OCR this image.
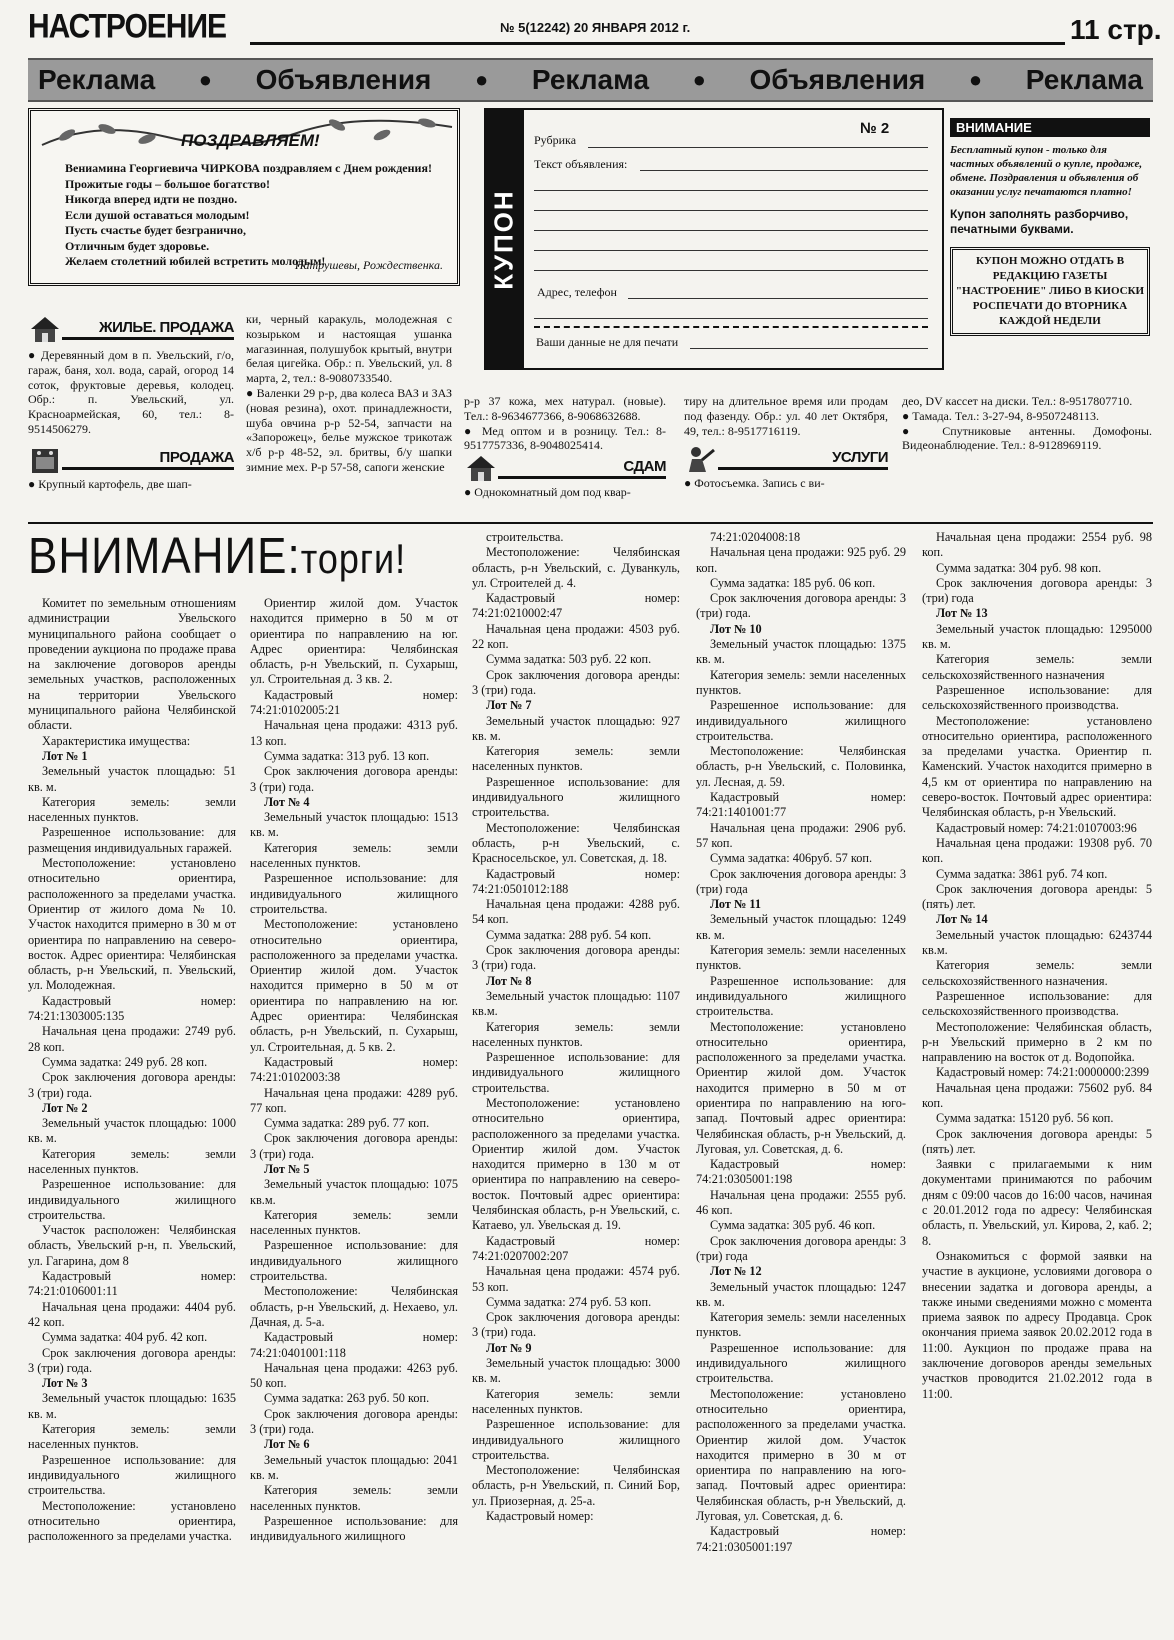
НАСТРОЕНИЕ	№ 5(12242) 20 ЯНВАРЯ 2012 г.	11 стр.
Реклама ● Объявления ● Реклама ● Объявления ● Реклама
ПОЗДРАВЛЯЕМ!
Вениамина Георгиевича ЧИРКОВА поздравляем с Днем рождения!
Прожитые годы – большое богатство!
Никогда вперед идти не поздно.
Если душой оставаться молодым!
Пусть счастье будет безгранично,
Отличным будет здоровье.
Желаем столетний юбилей встретить молодым!
Патрушевы, Рождественка. КУПОН
№ 2
Рубрика
Текст объявления:
Адрес, телефон
Ваши данные не для печати
ВНИМАНИЕ
Бесплатный купон - только для частных объявлений о купле, продаже, обмене. Поздравления и объявления об оказании услуг печатаются платно!
Купон заполнять разборчиво, печатными буквами.
КУПОН МОЖНО ОТДАТЬ В РЕДАКЦИЮ ГАЗЕТЫ "НАСТРОЕНИЕ" ЛИБО В КИОСКИ РОСПЕЧАТИ ДО ВТОРНИКА КАЖДОЙ НЕДЕЛИ
ЖИЛЬЕ. ПРОДАЖА
● Деревянный дом в п. Увельский, г/о, гараж, баня, хол. вода, сарай, огород 14 соток, фруктовые деревья, колодец. Обр.: п. Увельский, ул. Красноармейская, 60, тел.: 8-9514506279.
ПРОДАЖА
● Крупный картофель, две шап-
ки, черный каракуль, молодежная с козырьком и настоящая ушанка магазинная, полушубок крытый, внутри белая цигейка. Обр.: п. Увельский, ул. 8 марта, 2, тел.: 8-9080733540.
● Валенки 29 р-р, два колеса ВАЗ и ЗАЗ (новая резина), охот. принадлежности, шуба овчина р-р 52-54, запчасти на «Запорожец», белье мужское трикотаж х/б р-р 48-52, эл. бритвы, б/у шапки зимние мех. Р-р 57-58, сапоги женские
р-р 37 кожа, мех натурал. (новые). Тел.: 8-9634677366, 8-9068632688.
● Мед оптом и в розницу. Тел.: 8-9517757336, 8-9048025414.
СДАМ
● Однокомнатный дом под квар-
тиру на длительное время или продам под фазенду. Обр.: ул. 40 лет Октября, 49, тел.: 8-9517716119.
УСЛУГИ
● Фотосъемка. Запись с ви-
део, DV кассет на диски. Тел.: 8-9517807710.
● Тамада. Тел.: 3-27-94, 8-9507248113.
● Спутниковые антенны. Домофоны. Видеонаблюдение. Тел.: 8-9128969119.
ВНИМАНИЕ:торги!

Комитет по земельным отношениям администрации Увельского муниципального района сообщает о проведении аукциона по продаже права на заключение договоров аренды земельных участков, расположенных на территории Увельского муниципального района Челябинской области.

Характеристика имущества:

Лот № 1

Земельный участок площадью: 51 кв. м.

Категория земель: земли населенных пунктов.

Разрешенное использование: для размещения индивидуальных гаражей.

Местоположение: установлено относительно ориентира, расположенного за пределами участка. Ориентир от жилого дома № 10. Участок находится примерно в 30 м от ориентира по направлению на северо-восток. Адрес ориентира: Челябинская область, р-н Увельский, п. Увельский, ул. Молодежная.

Кадастровый номер: 74:21:1303005:135

Начальная цена продажи: 2749 руб. 28 коп.

Сумма задатка: 249 руб. 28 коп.

Срок заключения договора аренды: 3 (три) года.

Лот № 2

Земельный участок площадью: 1000 кв. м.

Категория земель: земли населенных пунктов.

Разрешенное использование: для индивидуального жилищного строительства.

Участок расположен: Челябинская область, Увельский р-н, п. Увельский, ул. Гагарина, дом 8

Кадастровый номер: 74:21:0106001:11

Начальная цена продажи: 4404 руб. 42 коп.

Сумма задатка: 404 руб. 42 коп.

Срок заключения договора аренды: 3 (три) года.

Лот № 3

Земельный участок площадью: 1635 кв. м.

Категория земель: земли населенных пунктов.

Разрешенное использование: для индивидуального жилищного строительства.

Местоположение: установлено относительно ориентира, расположенного за пределами участка.

Ориентир жилой дом. Участок находится примерно в 50 м от ориентира по направлению на юг. Адрес ориентира: Челябинская область, р-н Увельский, п. Сухарыш, ул. Строительная д. 3 кв. 2.

Кадастровый номер: 74:21:0102005:21

Начальная цена продажи: 4313 руб. 13 коп.

Сумма задатка: 313 руб. 13 коп.

Срок заключения договора аренды: 3 (три) года.

Лот № 4

Земельный участок площадью: 1513 кв. м.

Категория земель: земли населенных пунктов.

Разрешенное использование: для индивидуального жилищного строительства.

Местоположение: установлено относительно ориентира, расположенного за пределами участка. Ориентир жилой дом. Участок находится примерно в 50 м от ориентира по направлению на юг. Адрес ориентира: Челябинская область, р-н Увельский, п. Сухарыш, ул. Строительная, д. 5 кв. 2.

Кадастровый номер: 74:21:0102003:38

Начальная цена продажи: 4289 руб. 77 коп.

Сумма задатка: 289 руб. 77 коп.

Срок заключения договора аренды: 3 (три) года.

Лот № 5

Земельный участок площадью: 1075 кв.м.

Категория земель: земли населенных пунктов.

Разрешенное использование: для индивидуального жилищного строительства.

Местоположение: Челябинская область, р-н Увельский, д. Нехаево, ул. Дачная, д. 5-а.

Кадастровый номер: 74:21:0401001:118

Начальная цена продажи: 4263 руб. 50 коп.

Сумма задатка: 263 руб. 50 коп.

Срок заключения договора аренды: 3 (три) года.

Лот № 6

Земельный участок площадью: 2041 кв. м.

Категория земель: земли населенных пунктов.

Разрешенное использование: для индивидуального жилищного

строительства.

Местоположение: Челябинская область, р-н Увельский, с. Дуванкуль, ул. Строителей д. 4.

Кадастровый номер: 74:21:0210002:47

Начальная цена продажи: 4503 руб. 22 коп.

Сумма задатка: 503 руб. 22 коп.

Срок заключения договора аренды: 3 (три) года.

Лот № 7

Земельный участок площадью: 927 кв. м.

Категория земель: земли населенных пунктов.

Разрешенное использование: для индивидуального жилищного строительства.

Местоположение: Челябинская область, р-н Увельский, с. Красносельское, ул. Советская, д. 18.

Кадастровый номер: 74:21:0501012:188

Начальная цена продажи: 4288 руб. 54 коп.

Сумма задатка: 288 руб. 54 коп.

Срок заключения договора аренды: 3 (три) года.

Лот № 8

Земельный участок площадью: 1107 кв.м.

Категория земель: земли населенных пунктов.

Разрешенное использование: для индивидуального жилищного строительства.

Местоположение: установлено относительно ориентира, расположенного за пределами участка. Ориентир жилой дом. Участок находится примерно в 130 м от ориентира по направлению на северо-восток. Почтовый адрес ориентира: Челябинская область, р-н Увельский, с. Катаево, ул. Увельская д. 19.

Кадастровый номер: 74:21:0207002:207

Начальная цена продажи: 4574 руб. 53 коп.

Сумма задатка: 274 руб. 53 коп.

Срок заключения договора аренды: 3 (три) года.

Лот № 9

Земельный участок площадью: 3000 кв. м.

Категория земель: земли населенных пунктов.

Разрешенное использование: для индивидуального жилищного строительства.

Местоположение: Челябинская область, р-н Увельский, п. Синий Бор, ул. Приозерная, д. 25-а.

Кадастровый номер:

74:21:0204008:18

Начальная цена продажи: 925 руб. 29 коп.

Сумма задатка: 185 руб. 06 коп.

Срок заключения договора аренды: 3 (три) года.

Лот № 10

Земельный участок площадью: 1375 кв. м.

Категория земель: земли населенных пунктов.

Разрешенное использование: для индивидуального жилищного строительства.

Местоположение: Челябинская область, р-н Увельский, с. Половинка, ул. Лесная, д. 59.

Кадастровый номер: 74:21:1401001:77

Начальная цена продажи: 2906 руб. 57 коп.

Сумма задатка: 406руб. 57 коп.

Срок заключения договора аренды: 3 (три) года

Лот № 11

Земельный участок площадью: 1249 кв. м.

Категория земель: земли населенных пунктов.

Разрешенное использование: для индивидуального жилищного строительства.

Местоположение: установлено относительно ориентира, расположенного за пределами участка. Ориентир жилой дом. Участок находится примерно в 50 м от ориентира по направлению на юго-запад. Почтовый адрес ориентира: Челябинская область, р-н Увельский, д. Луговая, ул. Советская, д. 6.

Кадастровый номер: 74:21:0305001:198

Начальная цена продажи: 2555 руб. 46 коп.

Сумма задатка: 305 руб. 46 коп.

Срок заключения договора аренды: 3 (три) года

Лот № 12

Земельный участок площадью: 1247 кв. м.

Категория земель: земли населенных пунктов.

Разрешенное использование: для индивидуального жилищного строительства.

Местоположение: установлено относительно ориентира, расположенного за пределами участка. Ориентир жилой дом. Участок находится примерно в 30 м от ориентира по направлению на юго-запад. Почтовый адрес ориентира: Челябинская область, р-н Увельский, д. Луговая, ул. Советская, д. 6.

Кадастровый номер: 74:21:0305001:197

Начальная цена продажи: 2554 руб. 98 коп.

Сумма задатка: 304 руб. 98 коп.

Срок заключения договора аренды: 3 (три) года

Лот № 13

Земельный участок площадью: 1295000 кв. м.

Категория земель: земли сельскохозяйственного назначения

Разрешенное использование: для сельскохозяйственного производства.

Местоположение: установлено относительно ориентира, расположенного за пределами участка. Ориентир п. Каменский. Участок находится примерно в 4,5 км от ориентира по направлению на северо-восток. Почтовый адрес ориентира: Челябинская область, р-н Увельский.

Кадастровый номер: 74:21:0107003:96

Начальная цена продажи: 19308 руб. 70 коп.

Сумма задатка: 3861 руб. 74 коп.

Срок заключения договора аренды: 5 (пять) лет.

Лот № 14

Земельный участок площадью: 6243744 кв.м.

Категория земель: земли сельскохозяйственного назначения.

Разрешенное использование: для сельскохозяйственного производства.

Местоположение: Челябинская область, р-н Увельский примерно в 2 км по направлению на восток от д. Водопойка.

Кадастровый номер: 74:21:0000000:2399

Начальная цена продажи: 75602 руб. 84 коп.

Сумма задатка: 15120 руб. 56 коп.

Срок заключения договора аренды: 5 (пять) лет.

Заявки с прилагаемыми к ним документами принимаются по рабочим дням с 09:00 часов до 16:00 часов, начиная с 20.01.2012 года по адресу: Челябинская область, п. Увельский, ул. Кирова, 2, каб. 2; 8.

Ознакомиться с формой заявки на участие в аукционе, условиями договора о внесении задатка и договора аренды, а также иными сведениями можно с момента приема заявок по адресу Продавца. Срок окончания приема заявок 20.02.2012 года в 11:00. Аукцион по продаже права на заключение договоров аренды земельных участков проводится 21.02.2012 года в 11:00.
